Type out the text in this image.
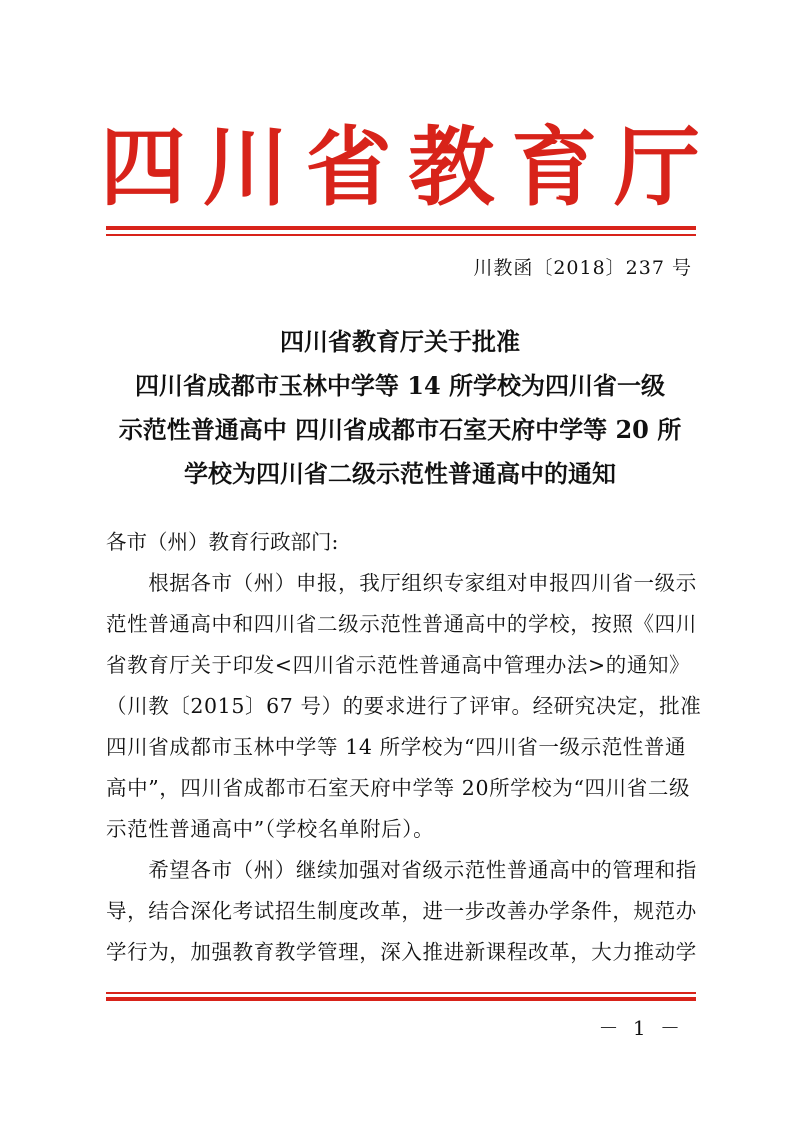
四 川 省 教 育 厅
川教函〔2018〕237 号
四川省教育厅关于批准
四川省成都市玉林中学等 14 所学校为四川省一级
示范性普通高中 四川省成都市石室天府中学等 20 所
学校为四川省二级示范性普通高中的通知

各市（州）教育行政部门:

　　根据各市（州）申报，我厅组织专家组对申报四川省一级示
范性普通高中和四川省二级示范性普通高中的学校，按照《四川
省教育厅关于印发<四川省示范性普通高中管理办法>的通知》
（川教〔2015〕67 号）的要求进行了评审。经研究决定，批准
四川省成都市玉林中学等 14 所学校为“四川省一级示范性普通
高中”，四川省成都市石室天府中学等 20所学校为“四川省二级
示范性普通高中”（学校名单附后）。
　　希望各市（州）继续加强对省级示范性普通高中的管理和指
导，结合深化考试招生制度改革，进一步改善办学条件，规范办
学行为，加强教育教学管理，深入推进新课程改革，大力推动学
－ 1 －
